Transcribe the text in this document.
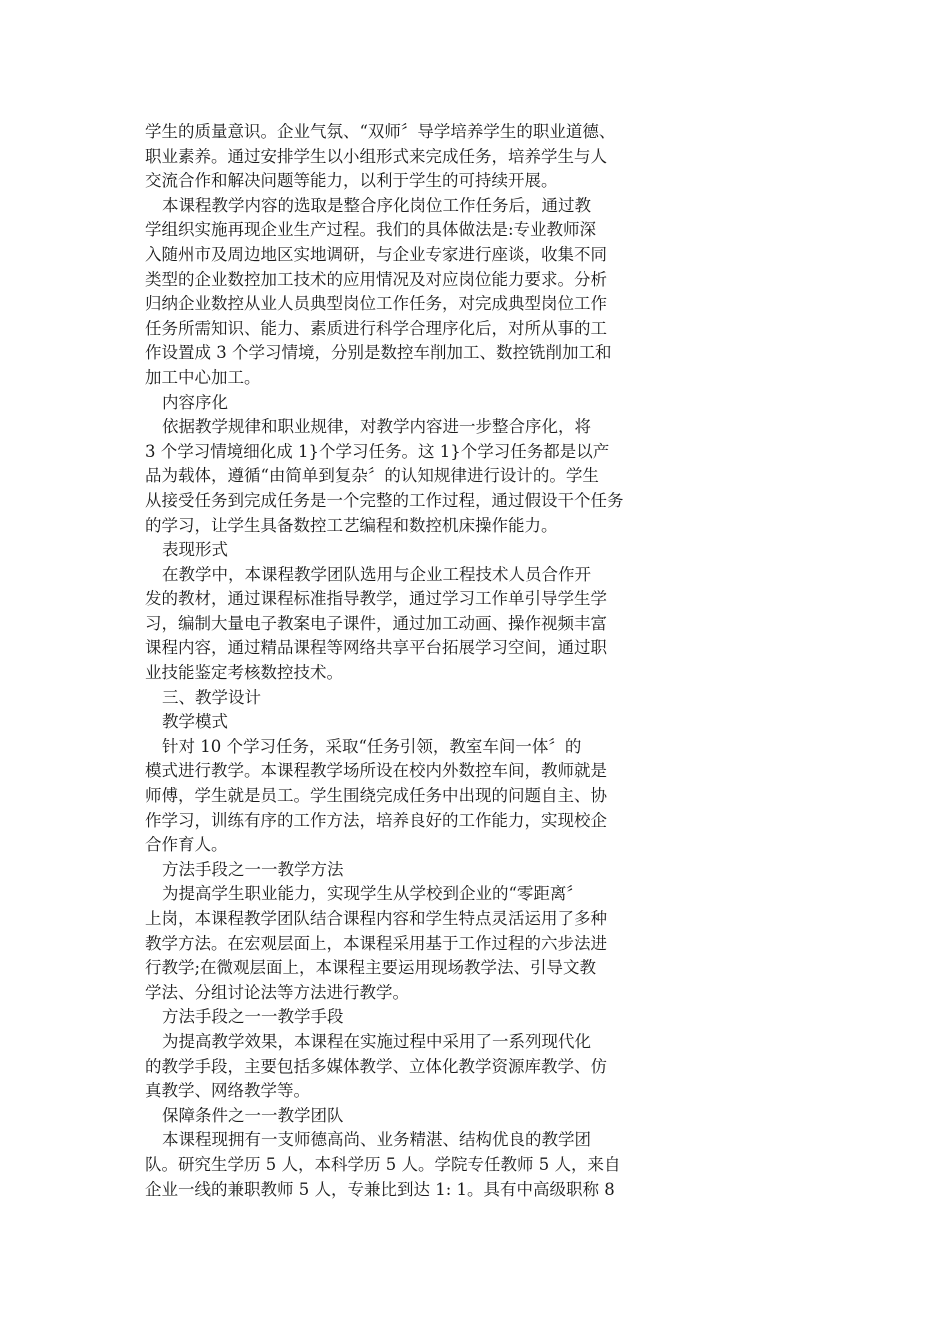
学生的质量意识。企业气氛、“双师〞导学培养学生的职业道德、
职业素养。通过安排学生以小组形式来完成任务，培养学生与人
交流合作和解决问题等能力，以利于学生的可持续开展。
本课程教学内容的选取是整合序化岗位工作任务后，通过教
学组织实施再现企业生产过程。我们的具体做法是:专业教师深
入随州市及周边地区实地调研，与企业专家进行座谈，收集不同
类型的企业数控加工技术的应用情况及对应岗位能力要求。分析
归纳企业数控从业人员典型岗位工作任务，对完成典型岗位工作
任务所需知识、能力、素质进行科学合理序化后，对所从事的工
作设置成 3 个学习情境，分别是数控车削加工、数控铣削加工和
加工中心加工。
内容序化
依据教学规律和职业规律，对教学内容进一步整合序化，将
3 个学习情境细化成 1}个学习任务。这 1}个学习任务都是以产
品为载体，遵循“由简单到复杂〞的认知规律进行设计的。学生
从接受任务到完成任务是一个完整的工作过程，通过假设干个任务
的学习，让学生具备数控工艺编程和数控机床操作能力。
表现形式
在教学中，本课程教学团队选用与企业工程技术人员合作开
发的教材，通过课程标准指导教学，通过学习工作单引导学生学
习，编制大量电子教案电子课件，通过加工动画、操作视频丰富
课程内容，通过精品课程等网络共享平台拓展学习空间，通过职
业技能鉴定考核数控技术。
三、教学设计
教学模式
针对 10 个学习任务，采取“任务引领，教室车间一体〞的
模式进行教学。本课程教学场所设在校内外数控车间，教师就是
师傅，学生就是员工。学生围绕完成任务中出现的问题自主、协
作学习，训练有序的工作方法，培养良好的工作能力，实现校企
合作育人。
方法手段之一一教学方法
为提高学生职业能力，实现学生从学校到企业的“零距离〞
上岗，本课程教学团队结合课程内容和学生特点灵活运用了多种
教学方法。在宏观层面上，本课程采用基于工作过程的六步法进
行教学;在微观层面上，本课程主要运用现场教学法、引导文教
学法、分组讨论法等方法进行教学。
方法手段之一一教学手段
为提高教学效果，本课程在实施过程中采用了一系列现代化
的教学手段，主要包括多媒体教学、立体化教学资源库教学、仿
真教学、网络教学等。
保障条件之一一教学团队
本课程现拥有一支师德高尚、业务精湛、结构优良的教学团
队。研究生学历 5 人，本科学历 5 人。学院专任教师 5 人，来自
企业一线的兼职教师 5 人，专兼比到达 1: 1。具有中高级职称 8
